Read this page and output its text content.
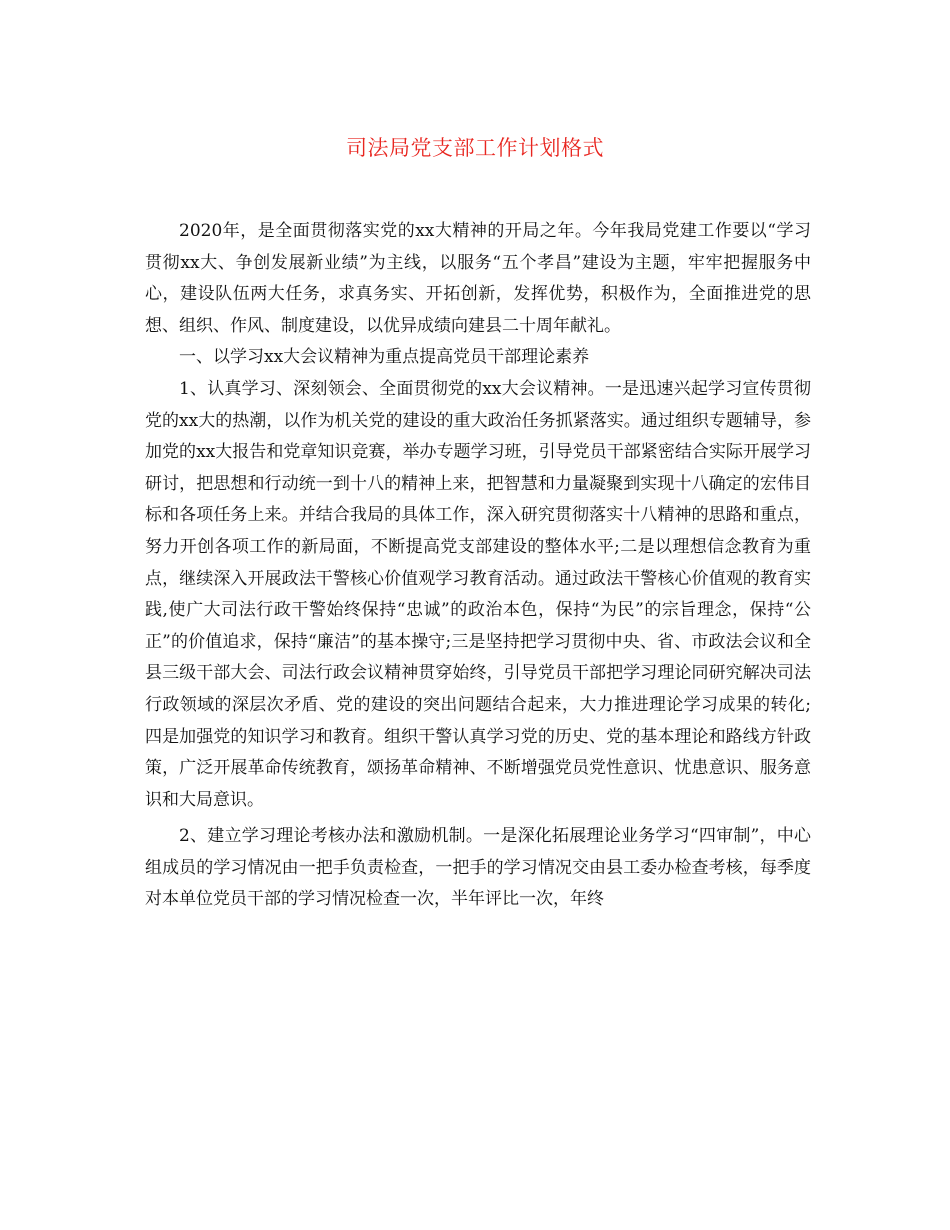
司法局党支部工作计划格式

2020年，是全面贯彻落实党的xx大精神的开局之年。今年我局党建工作要以“学习贯彻xx大、争创发展新业绩”为主线，以服务“五个孝昌”建设为主题，牢牢把握服务中心，建设队伍两大任务，求真务实、开拓创新，发挥优势，积极作为，全面推进党的思想、组织、作风、制度建设，以优异成绩向建县二十周年献礼。

一、以学习xx大会议精神为重点提高党员干部理论素养

1、认真学习、深刻领会、全面贯彻党的xx大会议精神。一是迅速兴起学习宣传贯彻党的xx大的热潮，以作为机关党的建设的重大政治任务抓紧落实。通过组织专题辅导，参加党的xx大报告和党章知识竞赛，举办专题学习班，引导党员干部紧密结合实际开展学习研讨，把思想和行动统一到十八的精神上来，把智慧和力量凝聚到实现十八确定的宏伟目标和各项任务上来。并结合我局的具体工作，深入研究贯彻落实十八精神的思路和重点，努力开创各项工作的新局面，不断提高党支部建设的整体水平;二是以理想信念教育为重点，继续深入开展政法干警核心价值观学习教育活动。通过政法干警核心价值观的教育实践,使广大司法行政干警始终保持“忠诚”的政治本色，保持“为民”的宗旨理念，保持“公正”的价值追求，保持“廉洁”的基本操守;三是坚持把学习贯彻中央、省、市政法会议和全县三级干部大会、司法行政会议精神贯穿始终，引导党员干部把学习理论同研究解决司法行政领域的深层次矛盾、党的建设的突出问题结合起来，大力推进理论学习成果的转化;四是加强党的知识学习和教育。组织干警认真学习党的历史、党的基本理论和路线方针政策，广泛开展革命传统教育，颂扬革命精神、不断增强党员党性意识、忧患意识、服务意识和大局意识。

2、建立学习理论考核办法和激励机制。一是深化拓展理论业务学习“四审制”，中心组成员的学习情况由一把手负责检查，一把手的学习情况交由县工委办检查考核，每季度对本单位党员干部的学习情况检查一次，半年评比一次，年终
